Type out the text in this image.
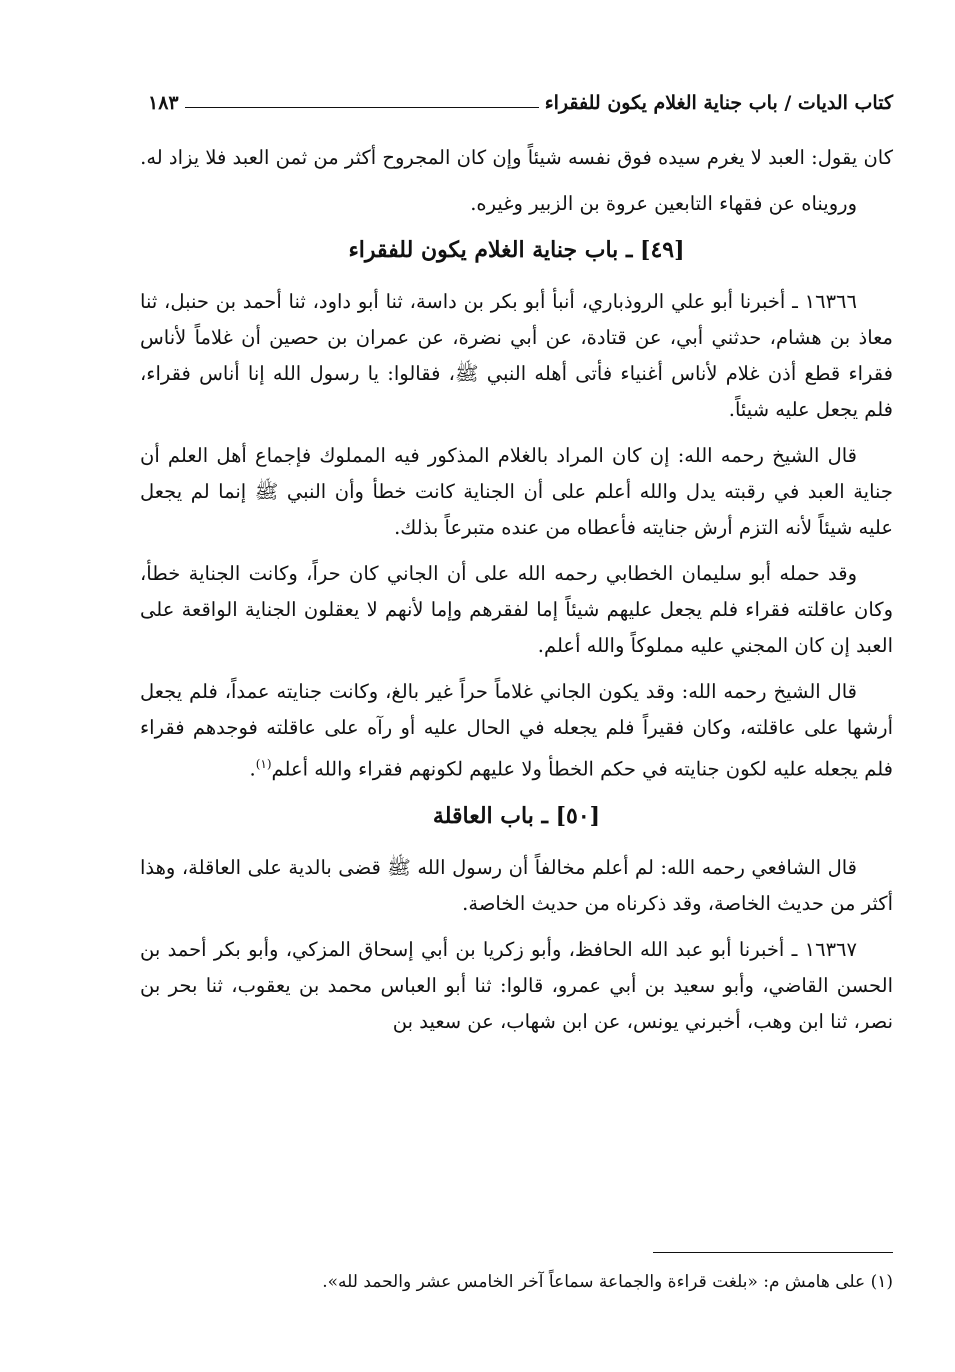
كتاب الديات / باب جناية الغلام يكون للفقراء
١٨٣

كان يقول: العبد لا يغرم سيده فوق نفسه شيئاً وإن كان المجروح أكثر من ثمن العبد فلا يزاد له.

ورويناه عن فقهاء التابعين عروة بن الزبير وغيره.

[٤٩] ـ باب جناية الغلام يكون للفقراء

١٦٣٦٦ ـ أخبرنا أبو علي الروذباري، أنبأ أبو بكر بن داسة، ثنا أبو داود، ثنا أحمد بن حنبل، ثنا معاذ بن هشام، حدثني أبي، عن قتادة، عن أبي نضرة، عن عمران بن حصين أن غلاماً لأناس فقراء قطع أذن غلام لأناس أغنياء فأتى أهله النبي ﷺ، فقالوا: يا رسول الله إنا أناس فقراء، فلم يجعل عليه شيئاً.

قال الشيخ رحمه الله: إن كان المراد بالغلام المذكور فيه المملوك فإجماع أهل العلم أن جناية العبد في رقبته يدل والله أعلم على أن الجناية كانت خطأ وأن النبي ﷺ إنما لم يجعل عليه شيئاً لأنه التزم أرش جنايته فأعطاه من عنده متبرعاً بذلك.

وقد حمله أبو سليمان الخطابي رحمه الله على أن الجاني كان حراً، وكانت الجناية خطأ، وكان عاقلته فقراء فلم يجعل عليهم شيئاً إما لفقرهم وإما لأنهم لا يعقلون الجناية الواقعة على العبد إن كان المجني عليه مملوكاً والله أعلم.

قال الشيخ رحمه الله: وقد يكون الجاني غلاماً حراً غير بالغ، وكانت جنايته عمداً، فلم يجعل أرشها على عاقلته، وكان فقيراً فلم يجعله في الحال عليه أو رآه على عاقلته فوجدهم فقراء فلم يجعله عليه لكون جنايته في حكم الخطأ ولا عليهم لكونهم فقراء والله أعلم$^{(١)}$.

[٥٠] ـ باب العاقلة

قال الشافعي رحمه الله: لم أعلم مخالفاً أن رسول الله ﷺ قضى بالدية على العاقلة، وهذا أكثر من حديث الخاصة، وقد ذكرناه من حديث الخاصة.

١٦٣٦٧ ـ أخبرنا أبو عبد الله الحافظ، وأبو زكريا بن أبي إسحاق المزكي، وأبو بكر أحمد بن الحسن القاضي، وأبو سعيد بن أبي عمرو، قالوا: ثنا أبو العباس محمد بن يعقوب، ثنا بحر بن نصر، ثنا ابن وهب، أخبرني يونس، عن ابن شهاب، عن سعيد بن

(١) على هامش م: «بلغت قراءة والجماعة سماعاً آخر الخامس عشر والحمد لله».
